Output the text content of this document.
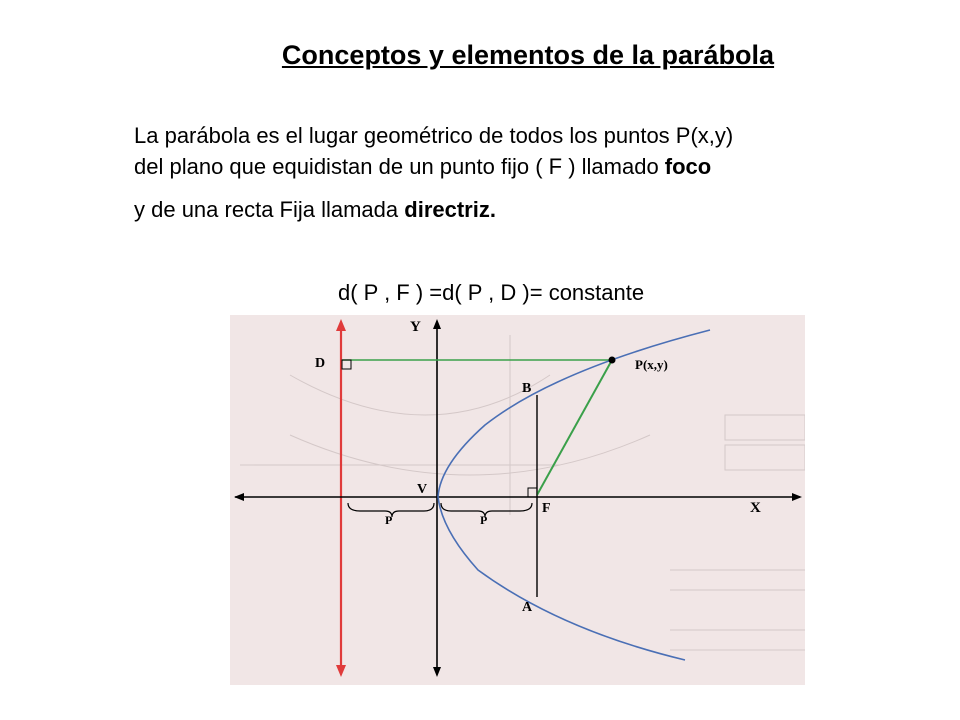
Conceptos y elementos de la parábola
La parábola es el lugar geométrico de todos los puntos P(x,y)
del plano que equidistan de un punto fijo ( F ) llamado foco
y de una recta Fija llamada directriz.
d( P , F ) =d( P , D )= constante
Y
X
D	P(x,y)
B
A
V
F
P	P
